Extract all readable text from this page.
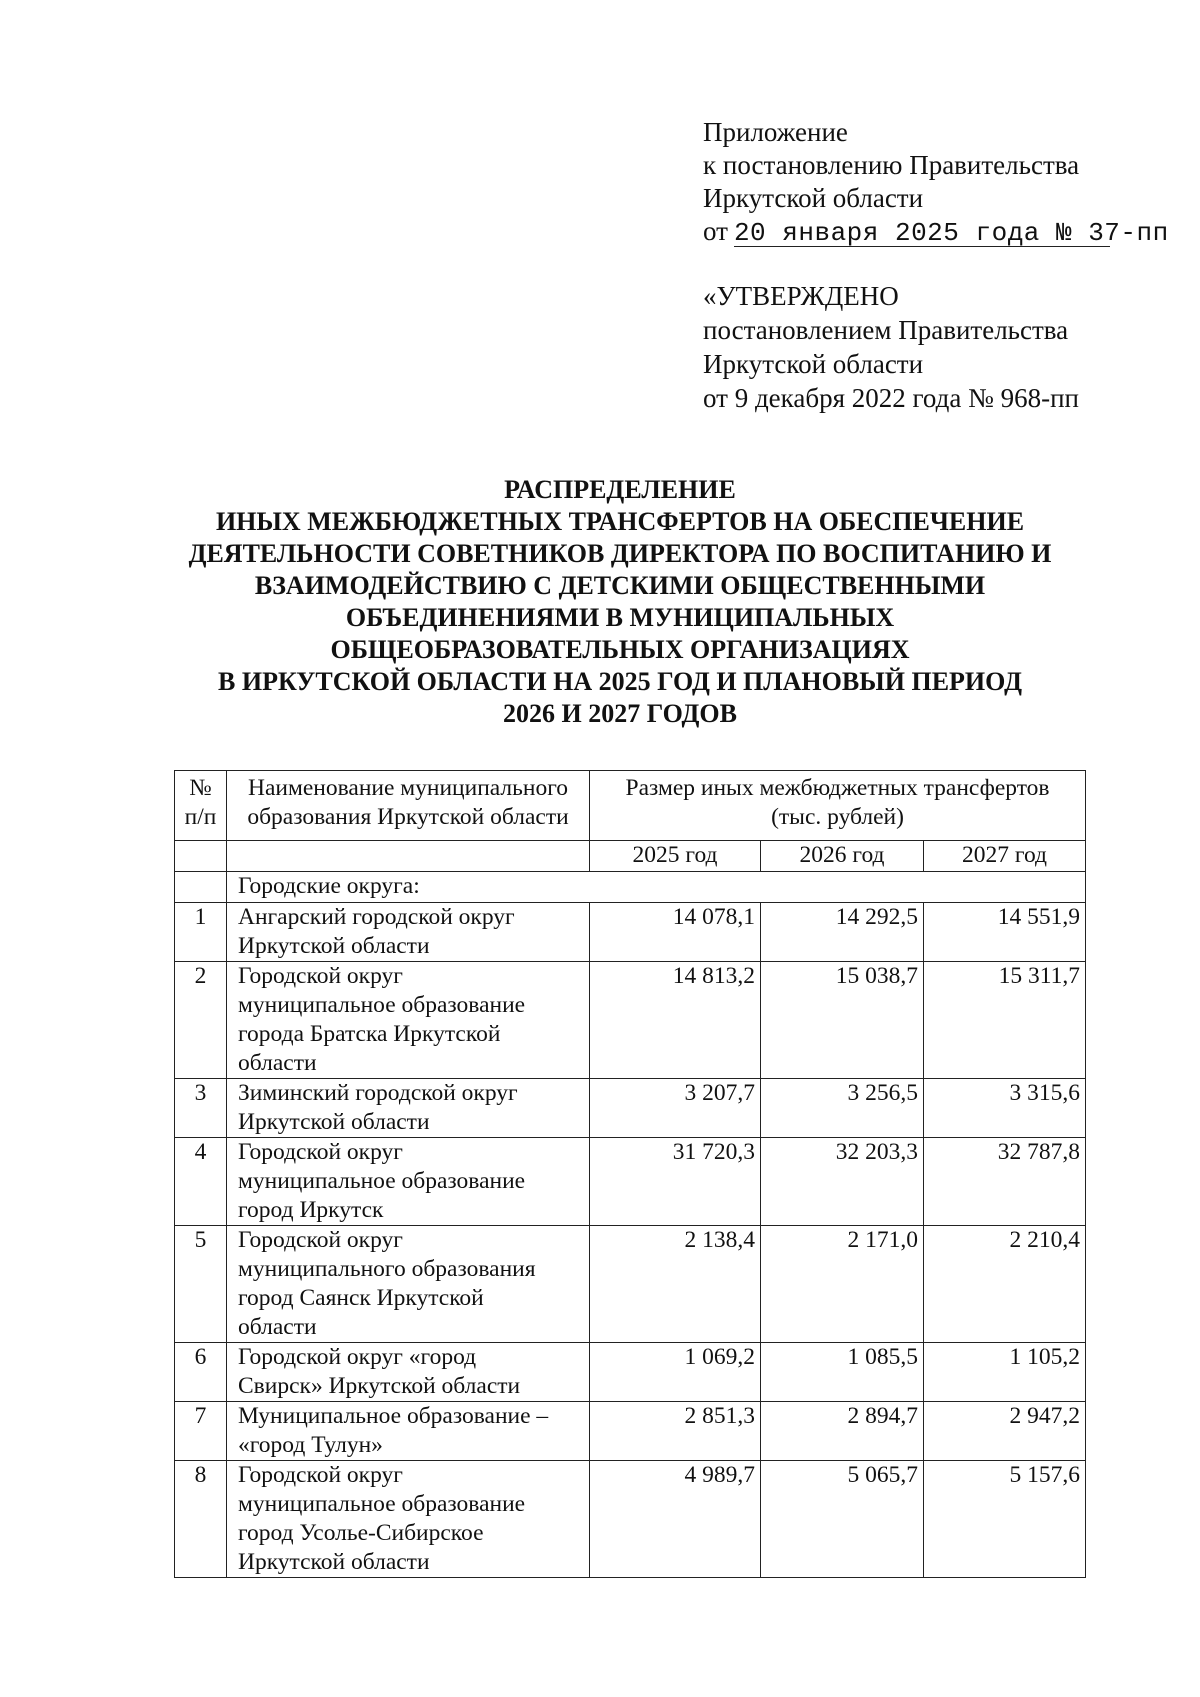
Приложение
к постановлению Правительства
Иркутской области
от 20 января 2025 года № 37-пп
«УТВЕРЖДЕНО
постановлением Правительства
Иркутской области
от 9 декабря 2022 года № 968-пп
РАСПРЕДЕЛЕНИЕ
ИНЫХ МЕЖБЮДЖЕТНЫХ ТРАНСФЕРТОВ НА ОБЕСПЕЧЕНИЕ
ДЕЯТЕЛЬНОСТИ СОВЕТНИКОВ ДИРЕКТОРА ПО ВОСПИТАНИЮ И
ВЗАИМОДЕЙСТВИЮ С ДЕТСКИМИ ОБЩЕСТВЕННЫМИ
ОБЪЕДИНЕНИЯМИ В МУНИЦИПАЛЬНЫХ
ОБЩЕОБРАЗОВАТЕЛЬНЫХ ОРГАНИЗАЦИЯХ
В ИРКУТСКОЙ ОБЛАСТИ НА 2025 ГОД И ПЛАНОВЫЙ ПЕРИОД
2026 И 2027 ГОДОВ
№
п/п	Наименование муниципального
образования Иркутской области	Размер иных межбюджетных трансфертов
(тыс. рублей)		

		2025 год	2026 год	2027 год
	Городские округа:			
1	Ангарский городской округ
Иркутской области	14 078,1	14 292,5	14 551,9
2	Городской округ
муниципальное образование
города Братска Иркутской
области	14 813,2	15 038,7	15 311,7
3	Зиминский городской округ
Иркутской области	3 207,7	3 256,5	3 315,6
4	Городской округ
муниципальное образование
город Иркутск	31 720,3	32 203,3	32 787,8
5	Городской округ
муниципального образования
город Саянск Иркутской
области	2 138,4	2 171,0	2 210,4
6	Городской округ «город
Свирск» Иркутской области	1 069,2	1 085,5	1 105,2
7	Муниципальное образование –
«город Тулун»	2 851,3	2 894,7	2 947,2
8	Городской округ
муниципальное образование
город Усолье-Сибирское
Иркутской области	4 989,7	5 065,7	5 157,6
